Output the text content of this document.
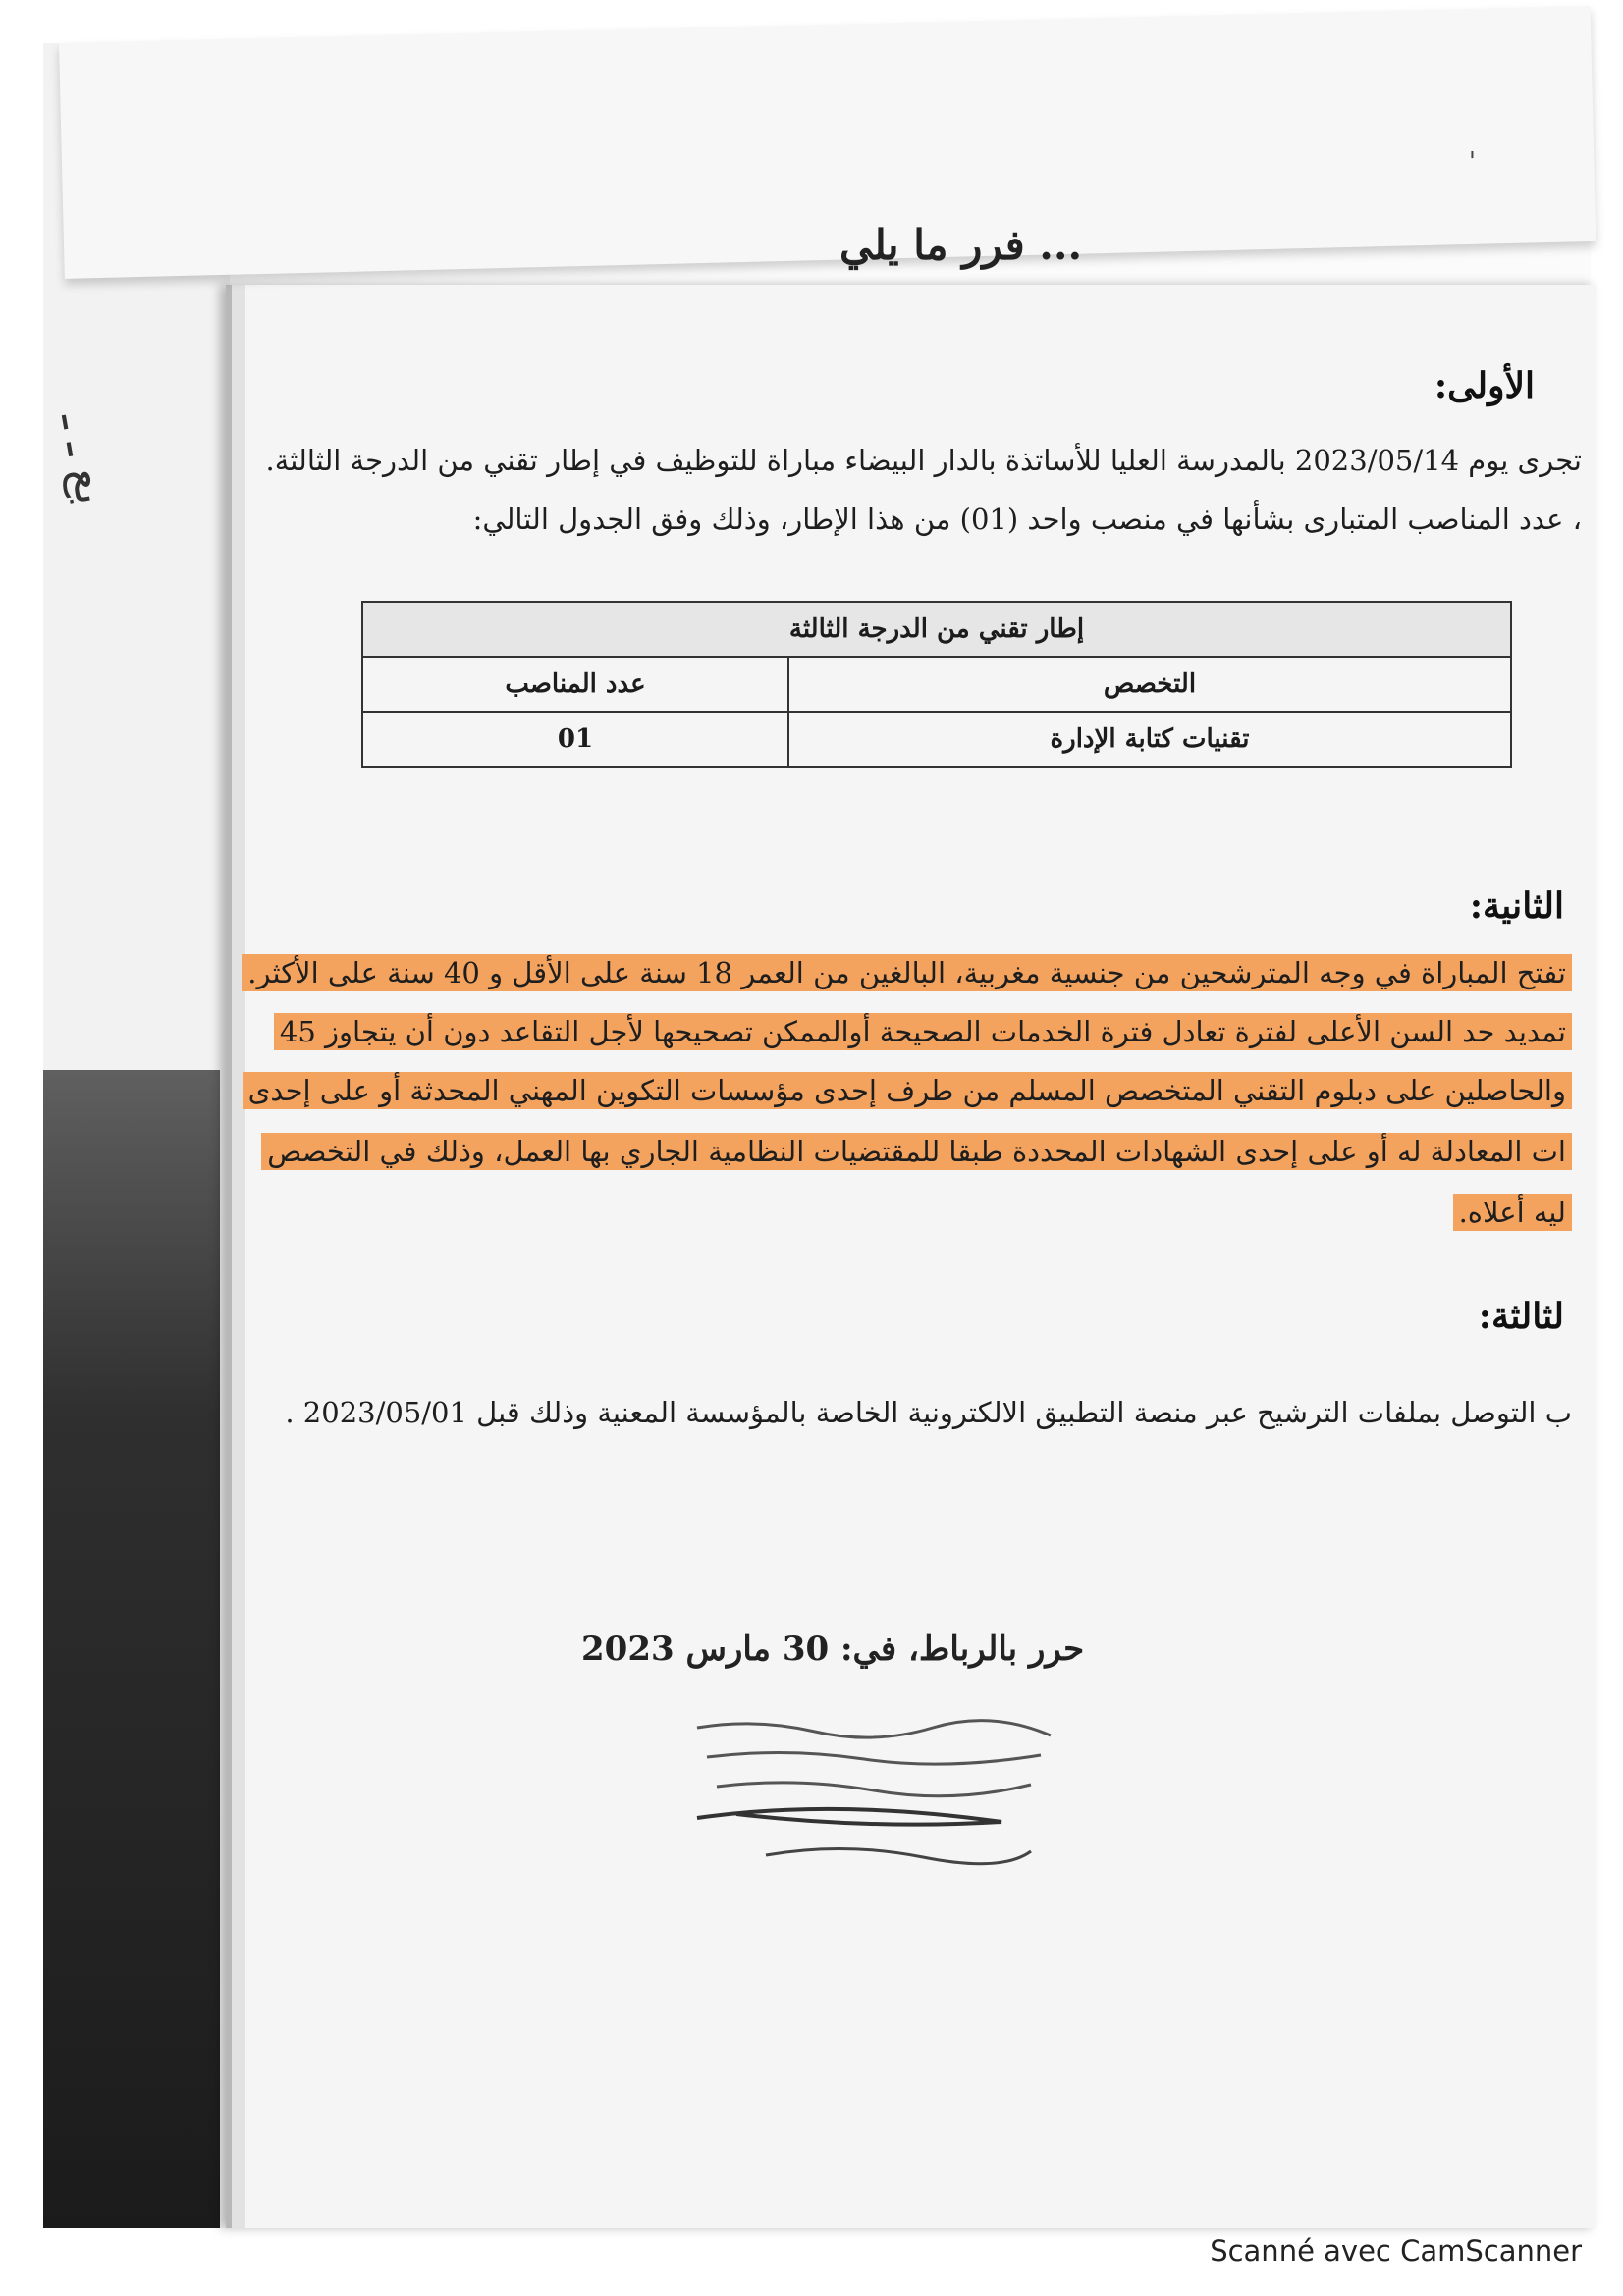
بع ـ ـ
... فرر ما يلي
'
الأولى:
تجرى يوم 2023/05/14 بالمدرسة العليا للأساتذة بالدار البيضاء مباراة للتوظيف في إطار تقني من الدرجة الثالثة.
، عدد المناصب المتبارى بشأنها في منصب واحد (01) من هذا الإطار، وذلك وفق الجدول التالي:
إطار تقني من الدرجة الثالثة	
التخصص	عدد المناصب
تقنيات كتابة الإدارة	01
الثانية:
تفتح المباراة في وجه المترشحين من جنسية مغربية، البالغين من العمر 18 سنة على الأقل و 40 سنة على الأكثر.
تمديد حد السن الأعلى لفترة تعادل فترة الخدمات الصحيحة أوالممكن تصحيحها لأجل التقاعد دون أن يتجاوز 45
والحاصلين على دبلوم التقني المتخصص المسلم من طرف إحدى مؤسسات التكوين المهني المحدثة أو على إحدى
ات المعادلة له أو على إحدى الشهادات المحددة طبقا للمقتضيات النظامية الجاري بها العمل، وذلك في التخصص
ليه أعلاه.
لثالثة:
ب التوصل بملفات الترشيح عبر منصة التطبيق الالكترونية الخاصة بالمؤسسة المعنية وذلك قبل 2023/05/01 .
حرر بالرباط، في: 30 مارس 2023
Scanné avec CamScanner
